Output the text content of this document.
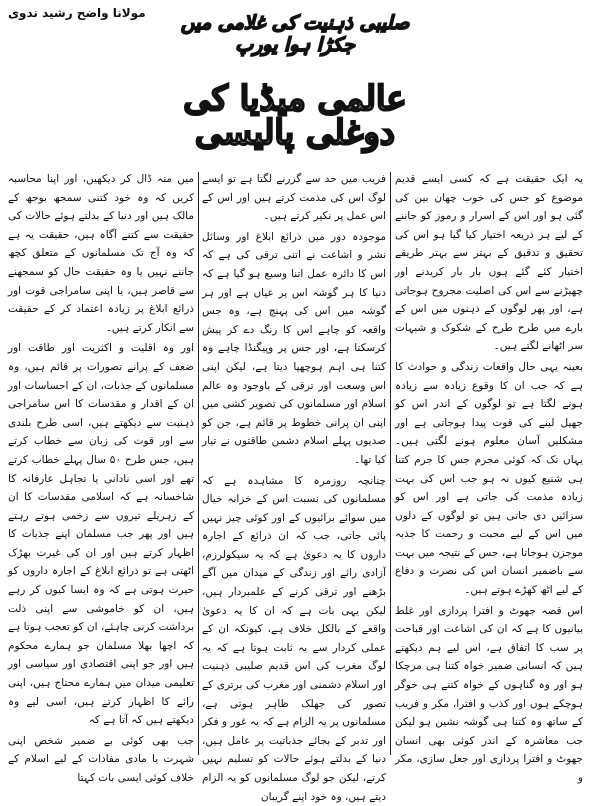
مولانا واضح رشید ندوی	صلیبی ذہنیت کی غلامی میں جکڑا ہوا یورپ
عالمی میڈیا کی دوغلی پالیسی

یہ ایک حقیقت ہے کہ کسی ایسے قدیم موضوع کو جس کی خوب چھان بین کی گئی ہو اور اس کے اسرار و رموز کو جاننے کے لیے ہر ذریعہ اختیار کیا گیا ہو اس کی تحقیق و تدقیق کے بہتر سے بہتر طریقے اختیار کئے گئے ہوں بار بار کریدنے اور چھیڑنے سے اس کی اصلیت مجروح ہوجاتی ہے، اور پھر لوگوں کے ذہنوں میں اس کے بارے میں طرح طرح کے شکوک و شبہات سر اٹھانے لگتے ہیں۔

بعینہ یہی حال واقعات زندگی و حوادث کا ہے کہ جب ان کا وقوع زیادہ سے زیادہ ہونے لگتا ہے تو لوگوں کے اندر اس کو جھیل لینے کی قوت پیدا ہوجاتی ہے اور مشکلیں آسان معلوم ہونے لگتی ہیں۔ یہاں تک کہ کوئی مجرم جس کا جرم کتنا ہی شنیع کیوں نہ ہو جب اس کی بہت زیادہ مذمت کی جاتی ہے اور اس کو سزائیں دی جاتی ہیں تو لوگوں کے دلوں میں اس کے لیے محبت و رحمت کا جذبہ موجزن ہوجاتا ہے، جس کے نتیجہ میں بہت سے باضمیر انسان اس کی نصرت و دفاع کے لیے اٹھ کھڑے ہوتے ہیں۔

اس قصہ جھوٹ و افترا پردازی اور غلط بیانیوں کا ہے کہ ان کی اشاعت اور قباحت پر سب کا اتفاق ہے، اس لیے ہم دیکھتے ہیں کہ انسانی ضمیر خواہ کتنا ہی مرچکا ہو اور وہ گناہوں کے خواہ کتنے ہی خوگر ہوچکے ہوں اور کذب و افترا، مکر و فریب کے ساتھ وہ کتنا ہی گوشہ نشین ہو لیکن جب معاشرہ کے اندر کوئی بھی انسان جھوٹ و افترا پردازی اور جعل سازی، مکر و

فریب میں حد سے گزرنے لگتا ہے تو ایسے لوگ اس کی مذمت کرتے ہیں اور اس کے اس عمل پر نکیر کرتے ہیں۔

موجودہ دور میں ذرائع ابلاغ اور وسائل نشر و اشاعت نے اتنی ترقی کی ہے کہ اس کا دائرہ عمل اتنا وسیع ہو گیا ہے کہ دنیا کا ہر گوشہ اس پر عیاں ہے اور ہر گوشہ میں اس کی پہنچ ہے، وہ جس واقعہ کو چاہے اس کا رنگ دے کر پیش کرسکتا ہے، اور جس پر وپیگنڈا چاہے وہ کتنا ہی اہم ہوچھپا دیتا ہے، لیکن اپنی اس وسعت اور ترقی کے باوجود وہ عالم اسلام اور مسلمانوں کی تصویر کشی میں اپنی ان پرانی خطوط پر قائم ہے، جن کو صدیوں پہلے اسلام دشمن طاقتوں نے تیار کیا تھا۔

چنانچہ روزمرہ کا مشاہدہ ہے کہ مسلمانوں کی نسبت اس کے خزانہ خیال میں سوائے برائیوں کے اور کوئی چیز نہیں پائی جاتی، جب کہ ان ذرائع کے اجارہ داروں کا یہ دعویٰ ہے کہ یہ سیکولرزم، آزادی رائے اور زندگی کے میدان میں آگے بڑھنے اور ترقی کرنے کے علمبردار ہیں، لیکن یہی بات ہے کہ ان کا یہ دعویٰ واقعے کے بالکل خلاف ہے، کیونکہ ان کے عملی کردار سے یہ ثابت ہوتا ہے کہ یہ لوگ مغرب کی اس قدیم صلیبی ذہنیت اور اسلام دشمنی اور مغرب کی برتری کے تصور کی جھلک ظاہر ہوتی ہے، مسلمانوں پر یہ الزام ہے کہ یہ غور و فکر اور تدبر کے بجائے جذباتیت پر عامل ہیں، دنیا کے بدلتے ہوئے حالات کو تسلیم نہیں کرتے، لیکن جو لوگ مسلمانوں کو یہ الزام دیتے ہیں، وہ خود اپنے گریبان

میں منہ ڈال کر دیکھیں، اور اپنا محاسبہ کریں کہ وہ خود کتنی سمجھ بوجھ کے مالک ہیں اور دنیا کے بدلتے ہوئے حالات کی حقیقت سے کتنے آگاہ ہیں، حقیقت یہ ہے کہ وہ آج تک مسلمانوں کے متعلق کچھ جاننے نہیں یا وہ حقیقت حال کو سمجھنے سے قاصر ہیں، یا اپنی سامراجی قوت اور ذرائع ابلاغ پر زیادہ اعتماد کر کے حقیقت سے انکار کرتے ہیں۔

اور وہ اقلیت و اکثریت اور طاقت اور ضعف کے پرانے تصورات پر قائم ہیں، وہ مسلمانوں کے جذبات، ان کے احساسات اور ان کے اقدار و مقدسات کا اس سامراجی ذہنیت سے دیکھتے ہیں، اسی طرح بلندی سے اور قوت کی زبان سے خطاب کرتے ہیں، جس طرح ۵۰ سال پہلے خطاب کرتے تھے اور اسی نادانی یا تجاہل عارفانہ کا شاخسانہ ہے کہ اسلامی مقدسات کا ان کے زہریلے تیروں سے زخمی ہوتے رہتے ہیں اور پھر جب مسلمان اپنے جذبات کا اظہار کرتے ہیں اور ان کی غیرت بھڑک اٹھتی ہے تو ذرائع ابلاغ کے اجارہ داروں کو حیرت ہوتی ہے کہ وہ ایسا کیوں کر رہے ہیں، ان کو خاموشی سے اپنی ذلت برداشت کرنی چاہئے، ان کو تعجب ہوتا ہے کہ اچھا بھلا مسلمان جو ہمارے محکوم ہیں اور جو اپنی اقتصادی اور سیاسی اور تعلیمی میدان میں ہمارے محتاج ہیں، اپنی رائے کا اظہار کرتے ہیں، اسی لیے وہ دیکھتے ہیں کہ آتا ہے کہ

جب بھی کوئی بے ضمیر شخص اپنی شہرت یا مادی مفادات کے لیے اسلام کے خلاف کوئی ایسی بات کہتا
